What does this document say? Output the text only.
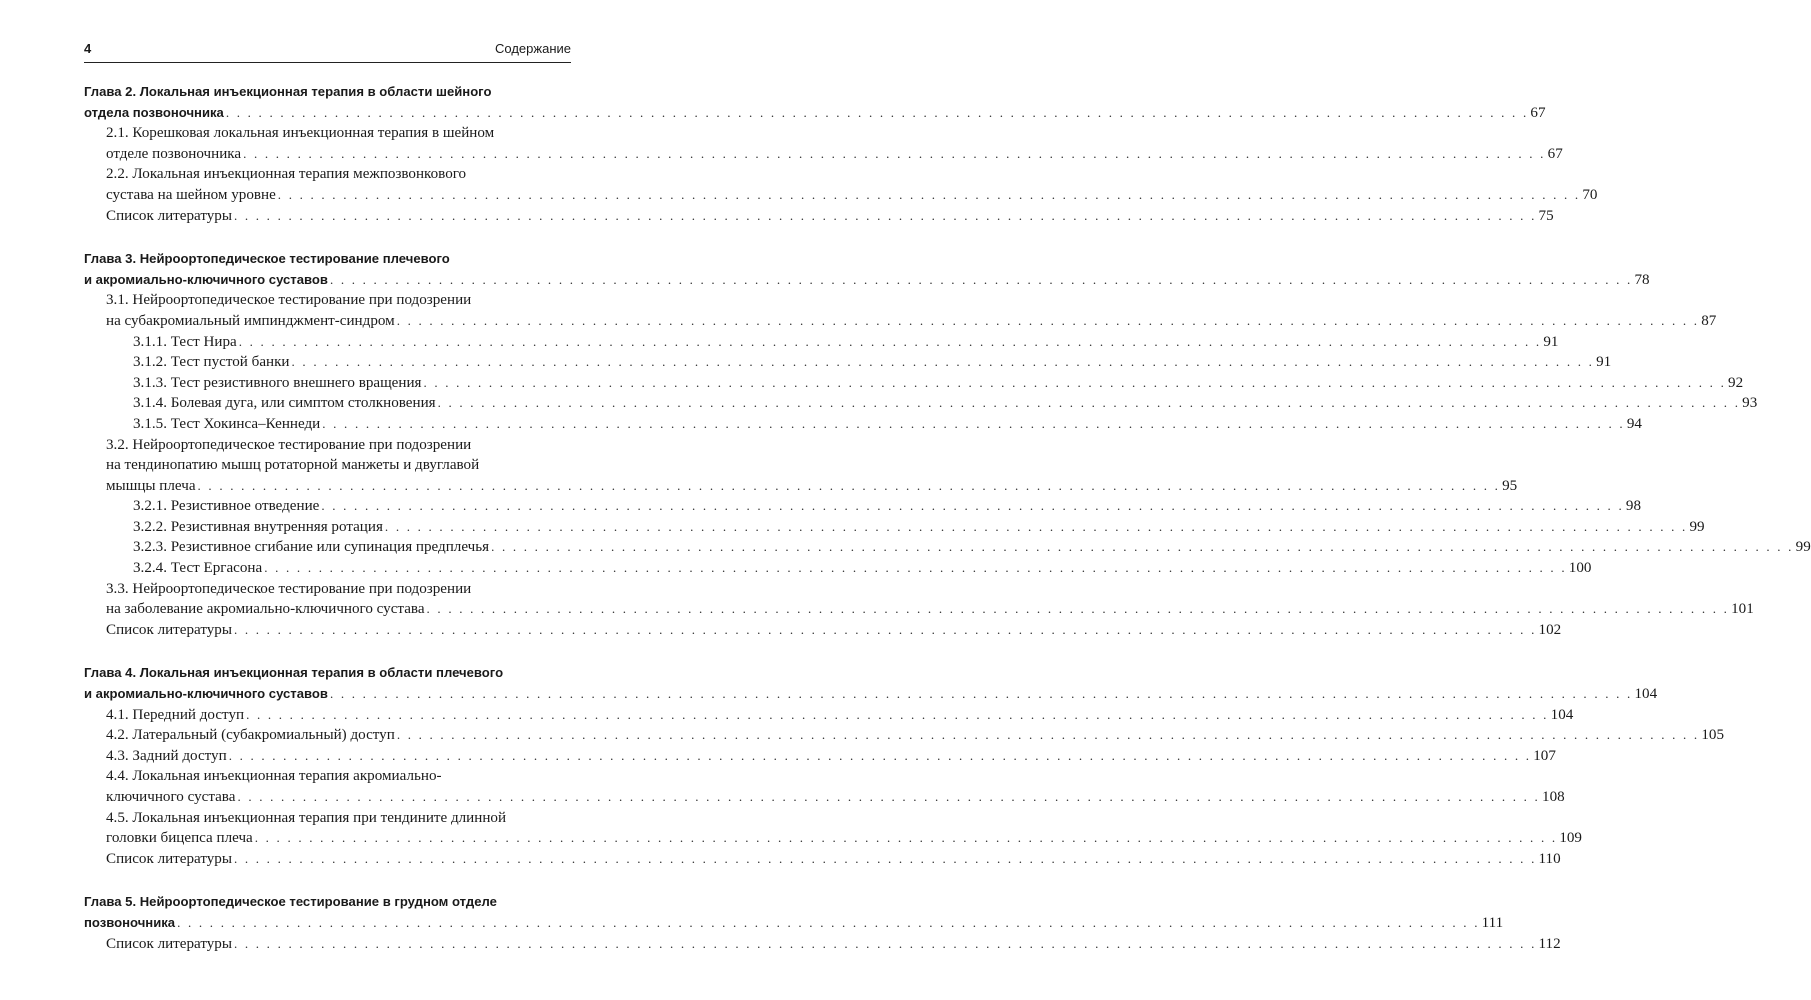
4	Содержание
Глава 2. Локальная инъекционная терапия в области шейного
отдела позвоночника . . . . . . . . . . . . . . . . . . . . . . . . . . . . . . . . . . . . . . . . . . . . . . . . . . . . . . . . . . . . . . . . . . . . . . . . . . . . . . . . . . . . . . . . . . . . . . . . . . . . . . . . . . . . . . . . . . . . . . . . 67
2.1. Корешковая локальная инъекционная терапия в шейном
отделе позвоночника . . . . . . . . . . . . . . . . . . . . . . . . . . . . . . . . . . . . . . . . . . . . . . . . . . . . . . . . . . . . . . . . . . . . . . . . . . . . . . . . . . . . . . . . . . . . . . . . . . . . . . . . . . . . . . . . . . . . . . . . 67
2.2. Локальная инъекционная терапия межпозвонкового
сустава на шейном уровне . . . . . . . . . . . . . . . . . . . . . . . . . . . . . . . . . . . . . . . . . . . . . . . . . . . . . . . . . . . . . . . . . . . . . . . . . . . . . . . . . . . . . . . . . . . . . . . . . . . . . . . . . . . . . . . . . . . . . . . . 70
Список литературы . . . . . . . . . . . . . . . . . . . . . . . . . . . . . . . . . . . . . . . . . . . . . . . . . . . . . . . . . . . . . . . . . . . . . . . . . . . . . . . . . . . . . . . . . . . . . . . . . . . . . . . . . . . . . . . . . . . . . . . . 75
Глава 3. Нейроортопедическое тестирование плечевого
и акромиально-ключичного суставов . . . . . . . . . . . . . . . . . . . . . . . . . . . . . . . . . . . . . . . . . . . . . . . . . . . . . . . . . . . . . . . . . . . . . . . . . . . . . . . . . . . . . . . . . . . . . . . . . . . . . . . . . . . . . . . . . . . . . . . . 78
3.1. Нейроортопедическое тестирование при подозрении
на субакромиальный импинджмент-синдром . . . . . . . . . . . . . . . . . . . . . . . . . . . . . . . . . . . . . . . . . . . . . . . . . . . . . . . . . . . . . . . . . . . . . . . . . . . . . . . . . . . . . . . . . . . . . . . . . . . . . . . . . . . . . . . . . . . . . . . . 87
3.1.1. Тест Нира . . . . . . . . . . . . . . . . . . . . . . . . . . . . . . . . . . . . . . . . . . . . . . . . . . . . . . . . . . . . . . . . . . . . . . . . . . . . . . . . . . . . . . . . . . . . . . . . . . . . . . . . . . . . . . . . . . . . . . . . 91
3.1.2. Тест пустой банки . . . . . . . . . . . . . . . . . . . . . . . . . . . . . . . . . . . . . . . . . . . . . . . . . . . . . . . . . . . . . . . . . . . . . . . . . . . . . . . . . . . . . . . . . . . . . . . . . . . . . . . . . . . . . . . . . . . . . . . . 91
3.1.3. Тест резистивного внешнего вращения . . . . . . . . . . . . . . . . . . . . . . . . . . . . . . . . . . . . . . . . . . . . . . . . . . . . . . . . . . . . . . . . . . . . . . . . . . . . . . . . . . . . . . . . . . . . . . . . . . . . . . . . . . . . . . . . . . . . . . . . 92
3.1.4. Болевая дуга, или симптом столкновения . . . . . . . . . . . . . . . . . . . . . . . . . . . . . . . . . . . . . . . . . . . . . . . . . . . . . . . . . . . . . . . . . . . . . . . . . . . . . . . . . . . . . . . . . . . . . . . . . . . . . . . . . . . . . . . . . . . . . . . . 93
3.1.5. Тест Хокинса–Кеннеди . . . . . . . . . . . . . . . . . . . . . . . . . . . . . . . . . . . . . . . . . . . . . . . . . . . . . . . . . . . . . . . . . . . . . . . . . . . . . . . . . . . . . . . . . . . . . . . . . . . . . . . . . . . . . . . . . . . . . . . . 94
3.2. Нейроортопедическое тестирование при подозрении
на тендинопатию мышц ротаторной манжеты и двуглавой
мышцы плеча . . . . . . . . . . . . . . . . . . . . . . . . . . . . . . . . . . . . . . . . . . . . . . . . . . . . . . . . . . . . . . . . . . . . . . . . . . . . . . . . . . . . . . . . . . . . . . . . . . . . . . . . . . . . . . . . . . . . . . . . 95
3.2.1. Резистивное отведение . . . . . . . . . . . . . . . . . . . . . . . . . . . . . . . . . . . . . . . . . . . . . . . . . . . . . . . . . . . . . . . . . . . . . . . . . . . . . . . . . . . . . . . . . . . . . . . . . . . . . . . . . . . . . . . . . . . . . . . . 98
3.2.2. Резистивная внутренняя ротация . . . . . . . . . . . . . . . . . . . . . . . . . . . . . . . . . . . . . . . . . . . . . . . . . . . . . . . . . . . . . . . . . . . . . . . . . . . . . . . . . . . . . . . . . . . . . . . . . . . . . . . . . . . . . . . . . . . . . . . . 99
3.2.3. Резистивное сгибание или супинация предплечья . . . . . . . . . . . . . . . . . . . . . . . . . . . . . . . . . . . . . . . . . . . . . . . . . . . . . . . . . . . . . . . . . . . . . . . . . . . . . . . . . . . . . . . . . . . . . . . . . . . . . . . . . . . . . . . . . . . . . . . . 99
3.2.4. Тест Ергасона . . . . . . . . . . . . . . . . . . . . . . . . . . . . . . . . . . . . . . . . . . . . . . . . . . . . . . . . . . . . . . . . . . . . . . . . . . . . . . . . . . . . . . . . . . . . . . . . . . . . . . . . . . . . . . . . . . . . . . . . 100
3.3. Нейроортопедическое тестирование при подозрении
на заболевание акромиально-ключичного сустава . . . . . . . . . . . . . . . . . . . . . . . . . . . . . . . . . . . . . . . . . . . . . . . . . . . . . . . . . . . . . . . . . . . . . . . . . . . . . . . . . . . . . . . . . . . . . . . . . . . . . . . . . . . . . . . . . . . . . . . . 101
Список литературы . . . . . . . . . . . . . . . . . . . . . . . . . . . . . . . . . . . . . . . . . . . . . . . . . . . . . . . . . . . . . . . . . . . . . . . . . . . . . . . . . . . . . . . . . . . . . . . . . . . . . . . . . . . . . . . . . . . . . . . . 102
Глава 4. Локальная инъекционная терапия в области плечевого
и акромиально-ключичного суставов . . . . . . . . . . . . . . . . . . . . . . . . . . . . . . . . . . . . . . . . . . . . . . . . . . . . . . . . . . . . . . . . . . . . . . . . . . . . . . . . . . . . . . . . . . . . . . . . . . . . . . . . . . . . . . . . . . . . . . . . 104
4.1. Передний доступ . . . . . . . . . . . . . . . . . . . . . . . . . . . . . . . . . . . . . . . . . . . . . . . . . . . . . . . . . . . . . . . . . . . . . . . . . . . . . . . . . . . . . . . . . . . . . . . . . . . . . . . . . . . . . . . . . . . . . . . . 104
4.2. Латеральный (субакромиальный) доступ . . . . . . . . . . . . . . . . . . . . . . . . . . . . . . . . . . . . . . . . . . . . . . . . . . . . . . . . . . . . . . . . . . . . . . . . . . . . . . . . . . . . . . . . . . . . . . . . . . . . . . . . . . . . . . . . . . . . . . . . 105
4.3. Задний доступ . . . . . . . . . . . . . . . . . . . . . . . . . . . . . . . . . . . . . . . . . . . . . . . . . . . . . . . . . . . . . . . . . . . . . . . . . . . . . . . . . . . . . . . . . . . . . . . . . . . . . . . . . . . . . . . . . . . . . . . . 107
4.4. Локальная инъекционная терапия акромиально-
ключичного сустава . . . . . . . . . . . . . . . . . . . . . . . . . . . . . . . . . . . . . . . . . . . . . . . . . . . . . . . . . . . . . . . . . . . . . . . . . . . . . . . . . . . . . . . . . . . . . . . . . . . . . . . . . . . . . . . . . . . . . . . . 108
4.5. Локальная инъекционная терапия при тендините длинной
головки бицепса плеча . . . . . . . . . . . . . . . . . . . . . . . . . . . . . . . . . . . . . . . . . . . . . . . . . . . . . . . . . . . . . . . . . . . . . . . . . . . . . . . . . . . . . . . . . . . . . . . . . . . . . . . . . . . . . . . . . . . . . . . . 109
Список литературы . . . . . . . . . . . . . . . . . . . . . . . . . . . . . . . . . . . . . . . . . . . . . . . . . . . . . . . . . . . . . . . . . . . . . . . . . . . . . . . . . . . . . . . . . . . . . . . . . . . . . . . . . . . . . . . . . . . . . . . . 110
Глава 5. Нейроортопедическое тестирование в грудном отделе
позвоночника . . . . . . . . . . . . . . . . . . . . . . . . . . . . . . . . . . . . . . . . . . . . . . . . . . . . . . . . . . . . . . . . . . . . . . . . . . . . . . . . . . . . . . . . . . . . . . . . . . . . . . . . . . . . . . . . . . . . . . . . 111
Список литературы . . . . . . . . . . . . . . . . . . . . . . . . . . . . . . . . . . . . . . . . . . . . . . . . . . . . . . . . . . . . . . . . . . . . . . . . . . . . . . . . . . . . . . . . . . . . . . . . . . . . . . . . . . . . . . . . . . . . . . . . 112
